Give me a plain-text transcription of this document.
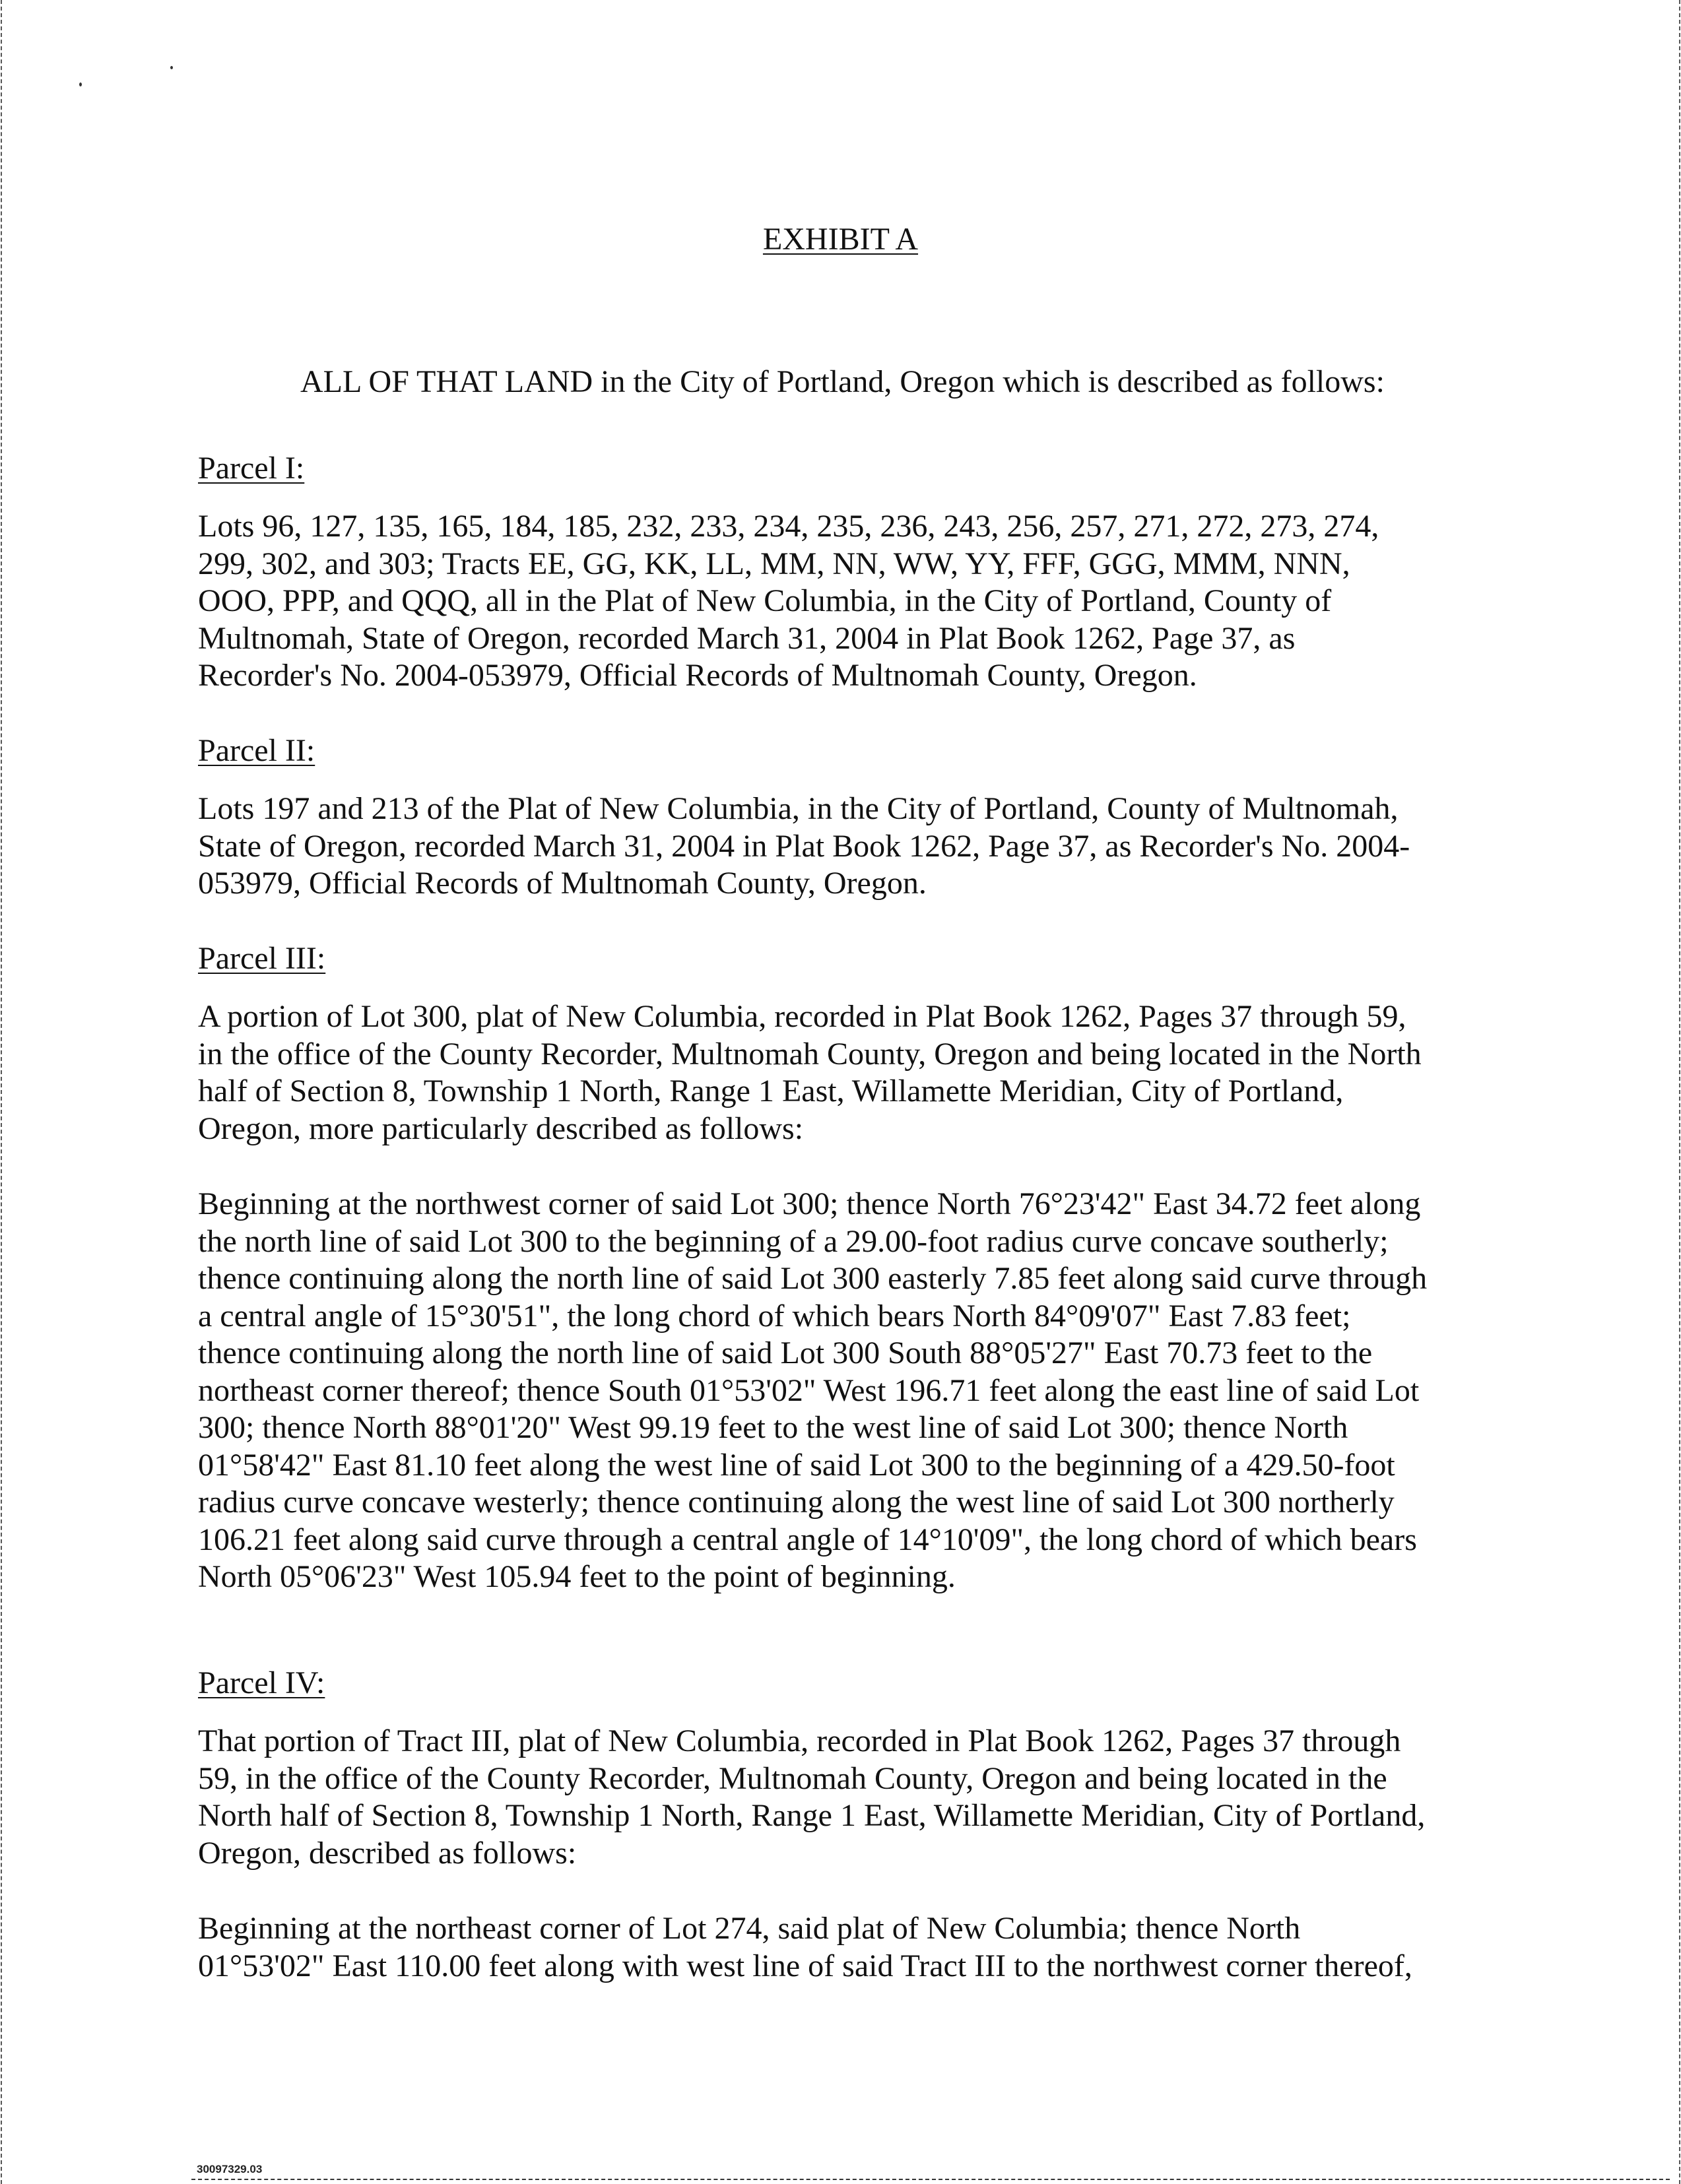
EXHIBIT A
ALL OF THAT LAND in the City of Portland, Oregon which is described as follows:
Parcel I:
Lots 96, 127, 135, 165, 184, 185, 232, 233, 234, 235, 236, 243, 256, 257, 271, 272, 273, 274,
299, 302, and 303; Tracts EE, GG, KK, LL, MM, NN, WW, YY, FFF, GGG, MMM, NNN,
OOO, PPP, and QQQ, all in the Plat of New Columbia, in the City of Portland, County of
Multnomah, State of Oregon, recorded March 31, 2004 in Plat Book 1262, Page 37, as
Recorder's No. 2004-053979, Official Records of Multnomah County, Oregon.
Parcel II:
Lots 197 and 213 of the Plat of New Columbia, in the City of Portland, County of Multnomah,
State of Oregon, recorded March 31, 2004 in Plat Book 1262, Page 37, as Recorder's No. 2004-
053979, Official Records of Multnomah County, Oregon.
Parcel III:
A portion of Lot 300, plat of New Columbia, recorded in Plat Book 1262, Pages 37 through 59,
in the office of the County Recorder, Multnomah County, Oregon and being located in the North
half of Section 8, Township 1 North, Range 1 East, Willamette Meridian, City of Portland,
Oregon, more particularly described as follows:
Beginning at the northwest corner of said Lot 300; thence North 76°23'42" East 34.72 feet along
the north line of said Lot 300 to the beginning of a 29.00-foot radius curve concave southerly;
thence continuing along the north line of said Lot 300 easterly 7.85 feet along said curve through
a central angle of 15°30'51", the long chord of which bears North 84°09'07" East 7.83 feet;
thence continuing along the north line of said Lot 300 South 88°05'27" East 70.73 feet to the
northeast corner thereof; thence South 01°53'02" West 196.71 feet along the east line of said Lot
300; thence North 88°01'20" West 99.19 feet to the west line of said Lot 300; thence North
01°58'42" East 81.10 feet along the west line of said Lot 300 to the beginning of a 429.50-foot
radius curve concave westerly; thence continuing along the west line of said Lot 300 northerly
106.21 feet along said curve through a central angle of 14°10'09", the long chord of which bears
North 05°06'23" West 105.94 feet to the point of beginning.
Parcel IV:
That portion of Tract III, plat of New Columbia, recorded in Plat Book 1262, Pages 37 through
59, in the office of the County Recorder, Multnomah County, Oregon and being located in the
North half of Section 8, Township 1 North, Range 1 East, Willamette Meridian, City of Portland,
Oregon, described as follows:
Beginning at the northeast corner of Lot 274, said plat of New Columbia; thence North
01°53'02" East 110.00 feet along with west line of said Tract III to the northwest corner thereof,
30097329.03
